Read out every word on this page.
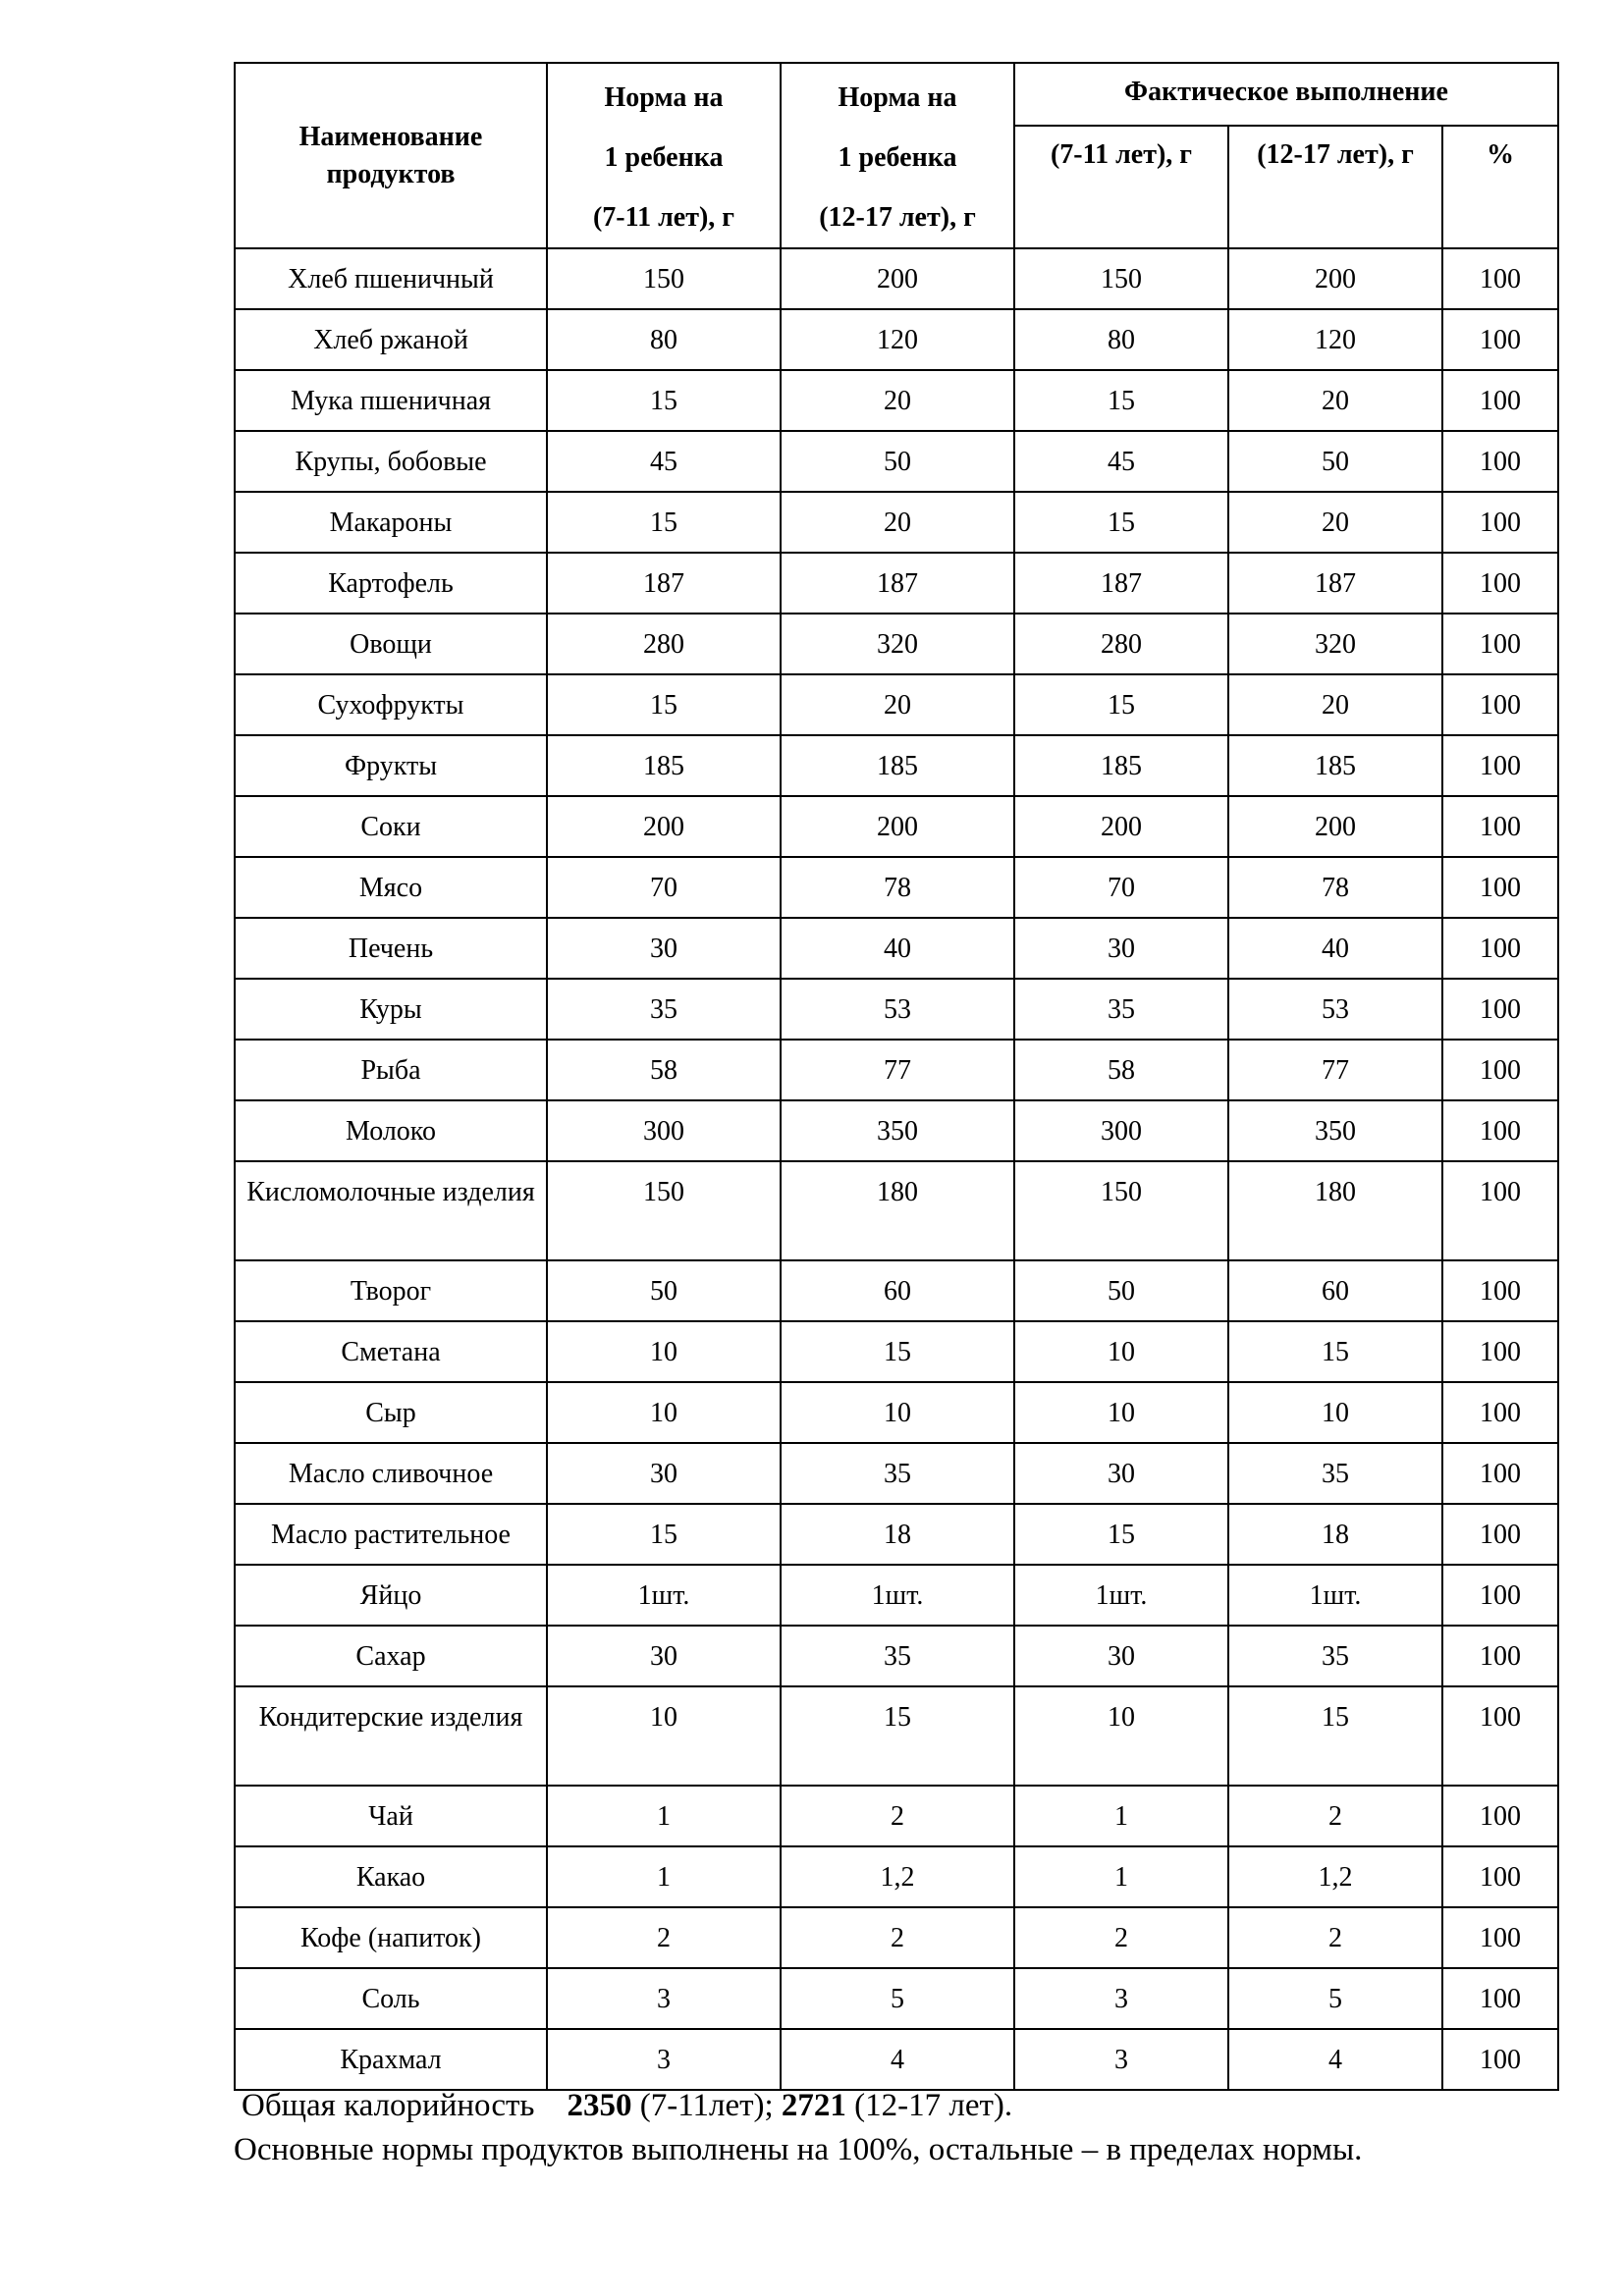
Наименование продуктов	Норма на
1 ребенка
(7-11 лет), г	Норма на
1 ребенка
(12-17 лет), г	Фактическое выполнение		
			(7-11 лет), г	(12-17 лет), г	%
Хлеб пшеничный	150	200	150	200	100
Хлеб ржаной	80	120	80	120	100
Мука пшеничная	15	20	15	20	100
Крупы, бобовые	45	50	45	50	100
Макароны	15	20	15	20	100
Картофель	187	187	187	187	100
Овощи	280	320	280	320	100
Сухофрукты	15	20	15	20	100
Фрукты	185	185	185	185	100
Соки	200	200	200	200	100
Мясо	70	78	70	78	100
Печень	30	40	30	40	100
Куры	35	53	35	53	100
Рыба	58	77	58	77	100
Молоко	300	350	300	350	100
Кисломолочные изделия	150	180	150	180	100
Творог	50	60	50	60	100
Сметана	10	15	10	15	100
Сыр	10	10	10	10	100
Масло сливочное	30	35	30	35	100
Масло растительное	15	18	15	18	100
Яйцо	1шт.	1шт.	1шт.	1шт.	100
Сахар	30	35	30	35	100
Кондитерские изделия	10	15	10	15	100
Чай	1	2	1	2	100
Какао	1	1,2	1	1,2	100
Кофе (напиток)	2	2	2	2	100
Соль	3	5	3	5	100
Крахмал	3	4	3	4	100
Общая калорийность 2350 (7-11лет); 2721 (12-17 лет).
Основные нормы продуктов выполнены на 100%, остальные – в пределах нормы.
